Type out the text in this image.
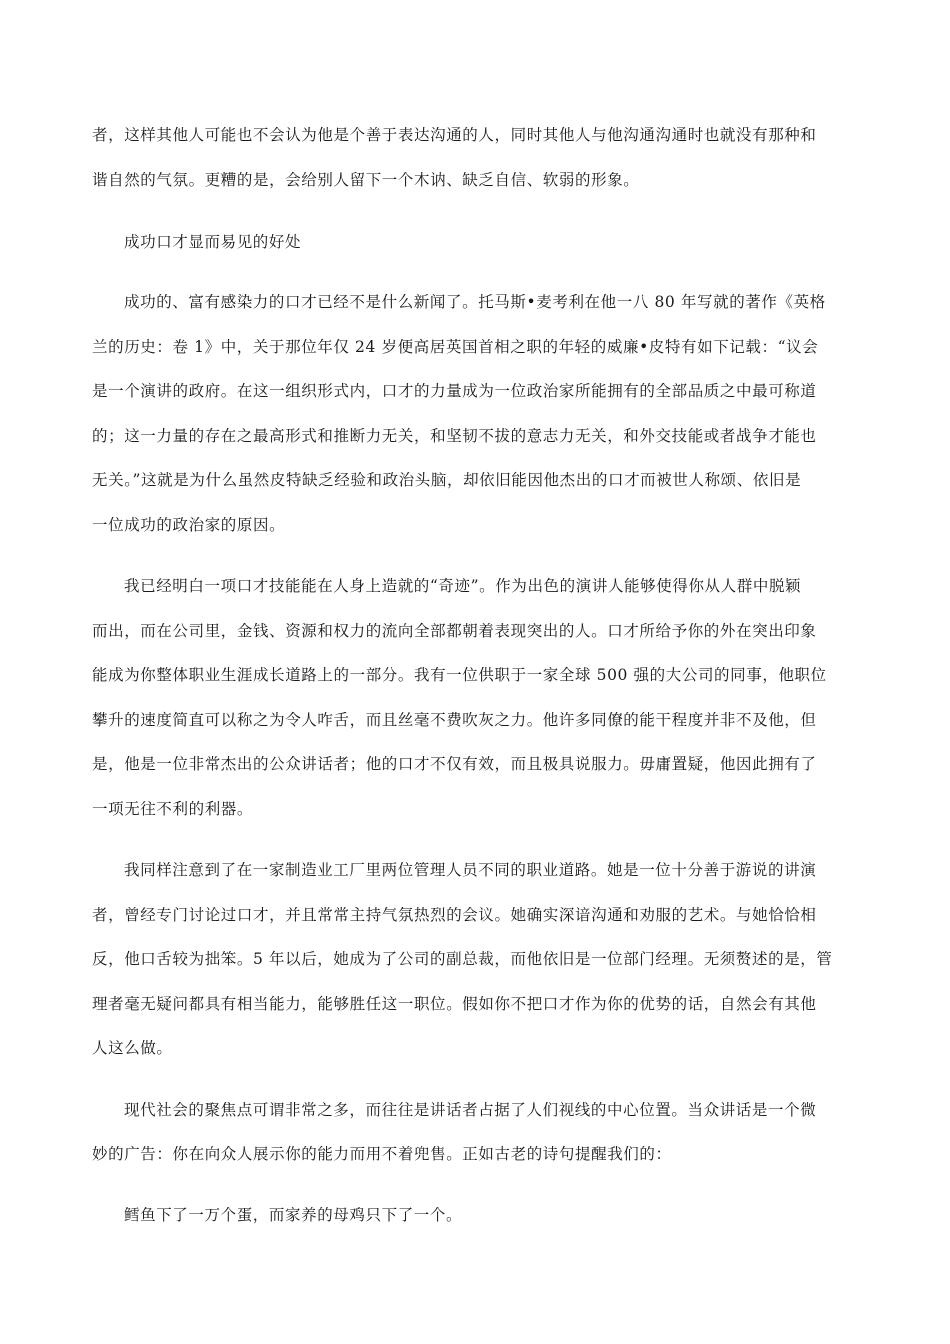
者，这样其他人可能也不会认为他是个善于表达沟通的人，同时其他人与他沟通沟通时也就没有那种和
谐自然的气氛。更糟的是，会给别人留下一个木讷、缺乏自信、软弱的形象。
成功口才显而易见的好处
成功的、富有感染力的口才已经不是什么新闻了。托马斯•麦考利在他一八 80 年写就的著作《英格
兰的历史：卷 1》中，关于那位年仅 24 岁便高居英国首相之职的年轻的威廉•皮特有如下记载：“议会
是一个演讲的政府。在这一组织形式内，口才的力量成为一位政治家所能拥有的全部品质之中最可称道
的；这一力量的存在之最高形式和推断力无关，和坚韧不拔的意志力无关，和外交技能或者战争才能也
无关。”这就是为什么虽然皮特缺乏经验和政治头脑，却依旧能因他杰出的口才而被世人称颂、依旧是
一位成功的政治家的原因。
我已经明白一项口才技能能在人身上造就的“奇迹”。作为出色的演讲人能够使得你从人群中脱颖
而出，而在公司里，金钱、资源和权力的流向全部都朝着表现突出的人。口才所给予你的外在突出印象
能成为你整体职业生涯成长道路上的一部分。我有一位供职于一家全球 500 强的大公司的同事，他职位
攀升的速度简直可以称之为令人咋舌，而且丝毫不费吹灰之力。他许多同僚的能干程度并非不及他，但
是，他是一位非常杰出的公众讲话者；他的口才不仅有效，而且极具说服力。毋庸置疑，他因此拥有了
一项无往不利的利器。
我同样注意到了在一家制造业工厂里两位管理人员不同的职业道路。她是一位十分善于游说的讲演
者，曾经专门讨论过口才，并且常常主持气氛热烈的会议。她确实深谙沟通和劝服的艺术。与她恰恰相
反，他口舌较为拙笨。5 年以后，她成为了公司的副总裁，而他依旧是一位部门经理。无须赘述的是，管
理者毫无疑问都具有相当能力，能够胜任这一职位。假如你不把口才作为你的优势的话，自然会有其他
人这么做。
现代社会的聚焦点可谓非常之多，而往往是讲话者占据了人们视线的中心位置。当众讲话是一个微
妙的广告：你在向众人展示你的能力而用不着兜售。正如古老的诗句提醒我们的：
鳕鱼下了一万个蛋，而家养的母鸡只下了一个。
